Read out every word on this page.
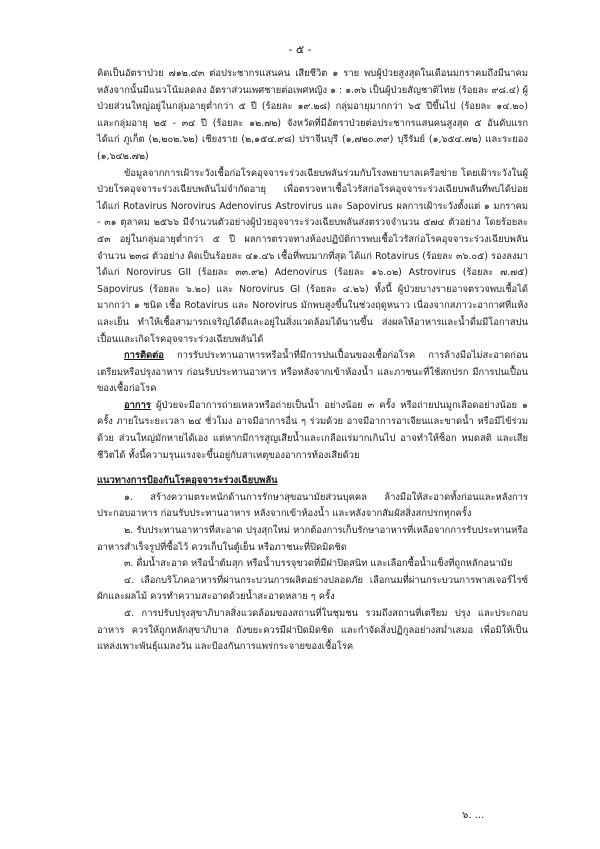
- ๕ -

คิดเป็นอัตราป่วย ๗๑๒.๔๓ ต่อประชากรแสนคน เสียชีวิต ๑ ราย พบผู้ป่วยสูงสุดในเดือนมกราคมถึงมีนาคม หลังจากนั้นมีแนวโน้มลดลง อัตราส่วนเพศชายต่อเพศหญิง ๑ : ๑.๓๖ เป็นผู้ป่วยสัญชาติไทย (ร้อยละ ๙๘.๔) ผู้ป่วยส่วนใหญ่อยู่ในกลุ่มอายุต่ำกว่า ๕ ปี (ร้อยละ ๑๙.๒๘) กลุ่มอายุมากกว่า ๖๕ ปีขึ้นไป (ร้อยละ ๑๔.๒๐) และกลุ่มอายุ ๒๕ - ๓๔ ปี (ร้อยละ ๑๒.๗๒) จังหวัดที่มีอัตราป่วยต่อประชากรแสนคนสูงสุด ๕ อันดับแรก ได้แก่ ภูเก็ต (๒,๒๐๒.๖๒) เชียงราย (๒,๑๕๔.๙๘) ปราจีนบุรี (๑,๗๒๐.๓๙) บุรีรัมย์ (๑,๖๕๔.๗๒) และระยอง (๑,๖๔๒.๗๒)

ข้อมูลจากการเฝ้าระวังเชื้อก่อโรคอุจจาระร่วงเฉียบพลันร่วมกับโรงพยาบาลเครือข่าย โดยเฝ้าระวังในผู้ป่วยโรคอุจจาระร่วงเฉียบพลันไม่จำกัดอายุ เพื่อตรวจหาเชื้อไวรัสก่อโรคอุจจาระร่วงเฉียบพลันที่พบได้บ่อย ได้แก่ Rotavirus Norovirus Adenovirus Astrovirus และ Sapovirus ผลการเฝ้าระวังตั้งแต่ ๑ มกราคม - ๓๑ ตุลาคม ๒๕๖๖ มีจำนวนตัวอย่างผู้ป่วยอุจจาระร่วงเฉียบพลันส่งตรวจจำนวน ๕๗๔ ตัวอย่าง โดยร้อยละ ๕๓ อยู่ในกลุ่มอายุต่ำกว่า ๕ ปี ผลการตรวจทางห้องปฏิบัติการพบเชื้อไวรัสก่อโรคอุจจาระร่วงเฉียบพลันจำนวน ๒๓๘ ตัวอย่าง คิดเป็นร้อยละ ๔๑.๔๖ เชื้อที่พบมากที่สุด ได้แก่ Rotavirus (ร้อยละ ๓๖.๐๕) รองลงมา ได้แก่ Norovirus GII (ร้อยละ ๓๓.๙๒) Adenovirus (ร้อยละ ๑๖.๐๒) Astrovirus (ร้อยละ ๗.๗๕) Sapovirus (ร้อยละ ๖.๒๐) และ Norovirus GI (ร้อยละ ๔.๒๖) ทั้งนี้ ผู้ป่วยบางรายอาจตรวจพบเชื้อได้มากกว่า ๑ ชนิด เชื้อ Rotavirus และ Norovirus มักพบสูงขึ้นในช่วงฤดูหนาว เนื่องจากสภาวะอากาศที่แห้งและเย็น ทำให้เชื้อสามารถเจริญได้ดีและอยู่ในสิ่งแวดล้อมได้นานขึ้น ส่งผลให้อาหารและน้ำดื่มมีโอกาสปนเปื้อนและเกิดโรคอุจจาระร่วงเฉียบพลันได้

การติดต่อ การรับประทานอาหารหรือน้ำที่มีการปนเปื้อนของเชื้อก่อโรค การล้างมือไม่สะอาดก่อนเตรียมหรือปรุงอาหาร ก่อนรับประทานอาหาร หรือหลังจากเข้าห้องน้ำ และภาชนะที่ใช้สกปรก มีการปนเปื้อนของเชื้อก่อโรค

อาการ ผู้ป่วยจะมีอาการถ่ายเหลวหรือถ่ายเป็นน้ำ อย่างน้อย ๓ ครั้ง หรือถ่ายปนมูกเลือดอย่างน้อย ๑ ครั้ง ภายในระยะเวลา ๒๔ ชั่วโมง อาจมีอาการอื่น ๆ ร่วมด้วย อาจมีอาการอาเจียนและขาดน้ำ หรือมีไข้ร่วมด้วย ส่วนใหญ่มักหายได้เอง แต่หากมีการสูญเสียน้ำและเกลือแร่มากเกินไป อาจทำให้ช็อก หมดสติ และเสียชีวิตได้ ทั้งนี้ความรุนแรงจะขึ้นอยู่กับสาเหตุของอาการท้องเสียด้วย

แนวทางการป้องกันโรคอุจจาระร่วงเฉียบพลัน

๑. สร้างความตระหนักด้านการรักษาสุขอนามัยส่วนบุคคล ล้างมือให้สะอาดทั้งก่อนและหลังการประกอบอาหาร ก่อนรับประทานอาหาร หลังจากเข้าห้องน้ำ และหลังจากสัมผัสสิ่งสกปรกทุกครั้ง

๒. รับประทานอาหารที่สะอาด ปรุงสุกใหม่ หากต้องการเก็บรักษาอาหารที่เหลือจากการรับประทานหรืออาหารสำเร็จรูปที่ซื้อไว้ ควรเก็บในตู้เย็น หรือภาชนะที่ปิดมิดชิด

๓. ดื่มน้ำสะอาด หรือน้ำต้มสุก หรือน้ำบรรจุขวดที่มีฝาปิดสนิท และเลือกซื้อน้ำแข็งที่ถูกหลักอนามัย

๔. เลือกบริโภคอาหารที่ผ่านกระบวนการผลิตอย่างปลอดภัย เลือกนมที่ผ่านกระบวนการพาสเจอร์ไรซ์ ผักและผลไม้ ควรทำความสะอาดด้วยน้ำสะอาดหลาย ๆ ครั้ง

๕. การปรับปรุงสุขาภิบาลสิ่งแวดล้อมของสถานที่ในชุมชน รวมถึงสถานที่เตรียม ปรุง และประกอบอาหาร ควรให้ถูกหลักสุขาภิบาล ถังขยะควรมีฝาปิดมิดชิด และกำจัดสิ่งปฏิกูลอย่างสม่ำเสมอ เพื่อมิให้เป็นแหล่งเพาะพันธุ์แมลงวัน และป้องกันการแพร่กระจายของเชื้อโรค

๖. ...
